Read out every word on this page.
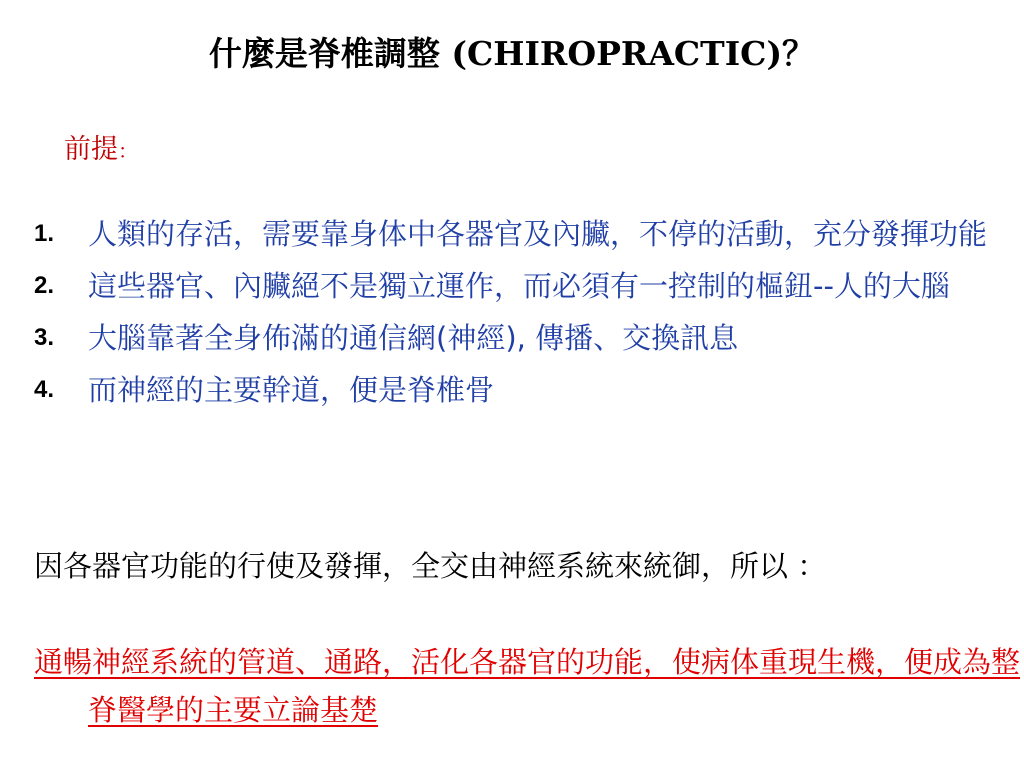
什麼是脊椎調整 (CHIROPRACTIC)？
前提：
1.	人類的存活，需要靠身体中各器官及內臟，不停的活動，充分發揮功能
2.	這些器官、內臟絕不是獨立運作，而必須有一控制的樞鈕--人的大腦
3.	大腦靠著全身佈滿的通信網(神經), 傳播、交換訊息
4.	而神經的主要幹道，便是脊椎骨

因各器官功能的行使及發揮，全交由神經系統來統御，所以 ：

通暢神經系統的管道、通路，活化各器官的功能，使病体重現生機，便成為整脊醫學的主要立論基楚
